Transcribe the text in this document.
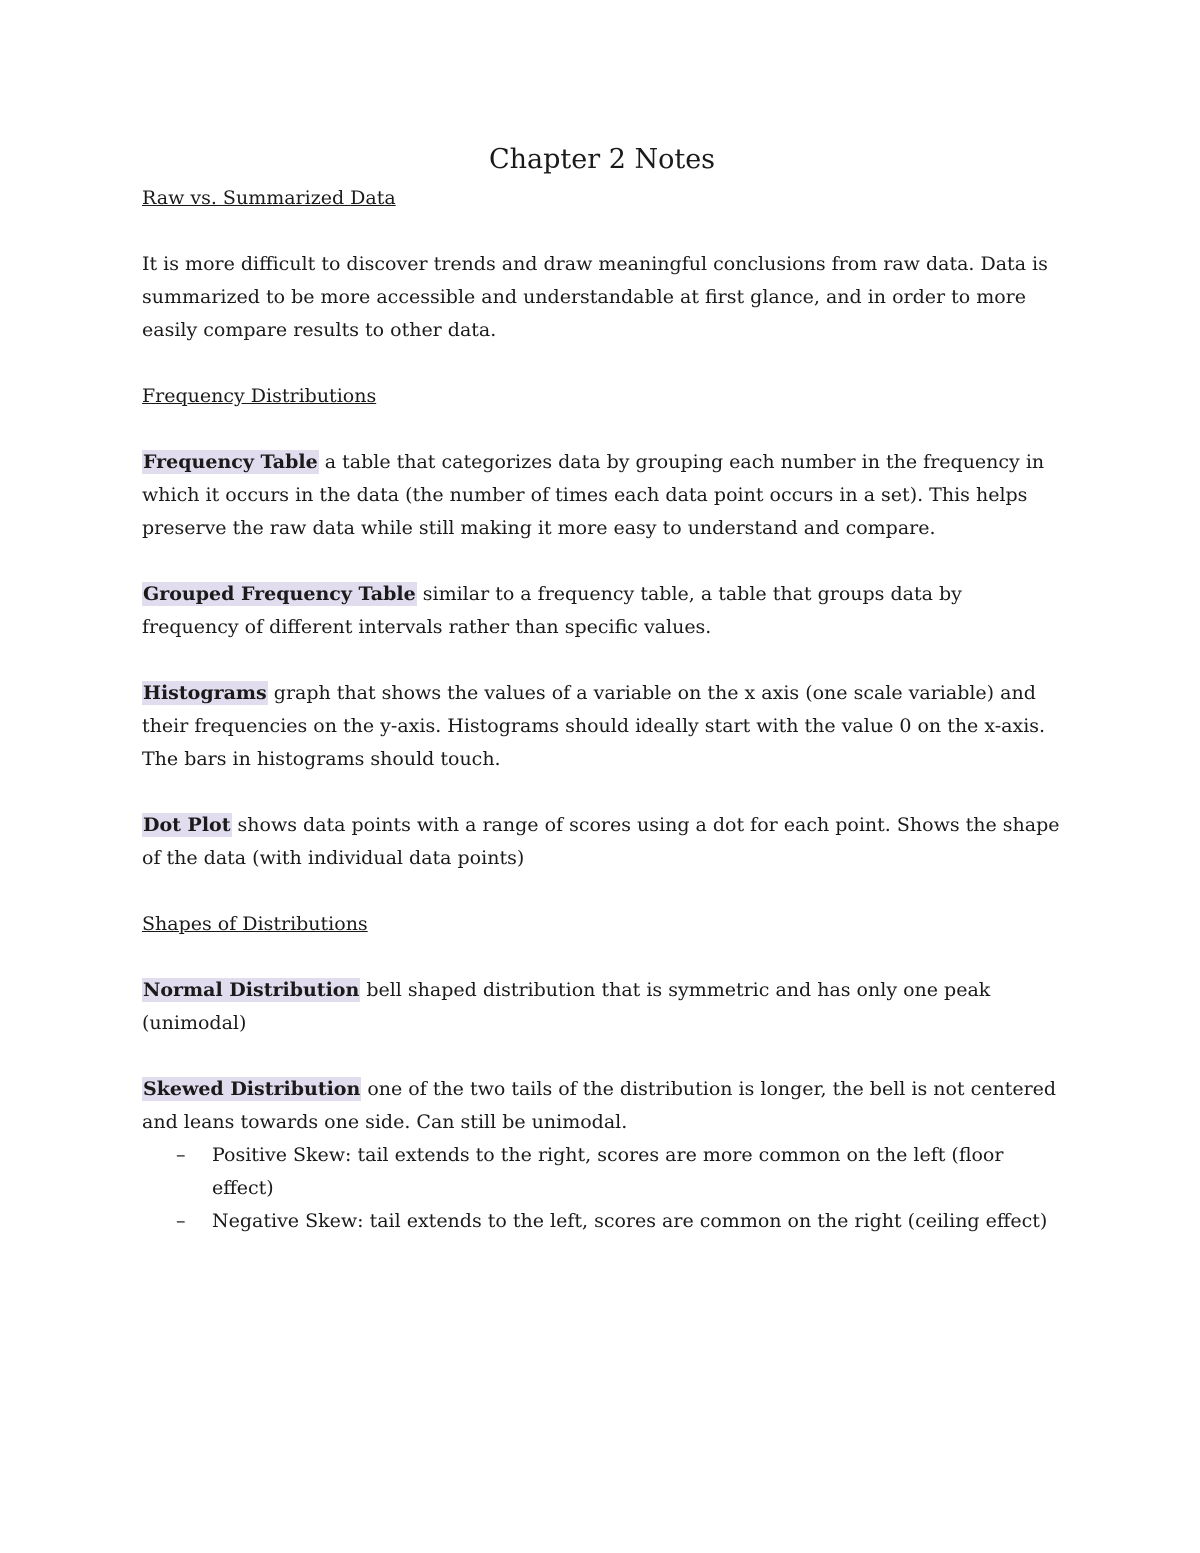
Chapter 2 Notes

Raw vs. Summarized Data

It is more difficult to discover trends and draw meaningful conclusions from raw data. Data is summarized to be more accessible and understandable at first glance, and in order to more easily compare results to other data.

Frequency Distributions

Frequency Table a table that categorizes data by grouping each number in the frequency in which it occurs in the data (the number of times each data point occurs in a set). This helps preserve the raw data while still making it more easy to understand and compare.

Grouped Frequency Table similar to a frequency table, a table that groups data by frequency of different intervals rather than specific values.

Histograms graph that shows the values of a variable on the x axis (one scale variable) and their frequencies on the y-axis. Histograms should ideally start with the value 0 on the x-axis. The bars in histograms should touch.

Dot Plot shows data points with a range of scores using a dot for each point. Shows the shape of the data (with individual data points)

Shapes of Distributions

Normal Distribution bell shaped distribution that is symmetric and has only one peak (unimodal)

Skewed Distribution one of the two tails of the distribution is longer, the bell is not centered and leans towards one side. Can still be unimodal.

– Positive Skew: tail extends to the right, scores are more common on the left (floor effect)
– Negative Skew: tail extends to the left, scores are common on the right (ceiling effect)
